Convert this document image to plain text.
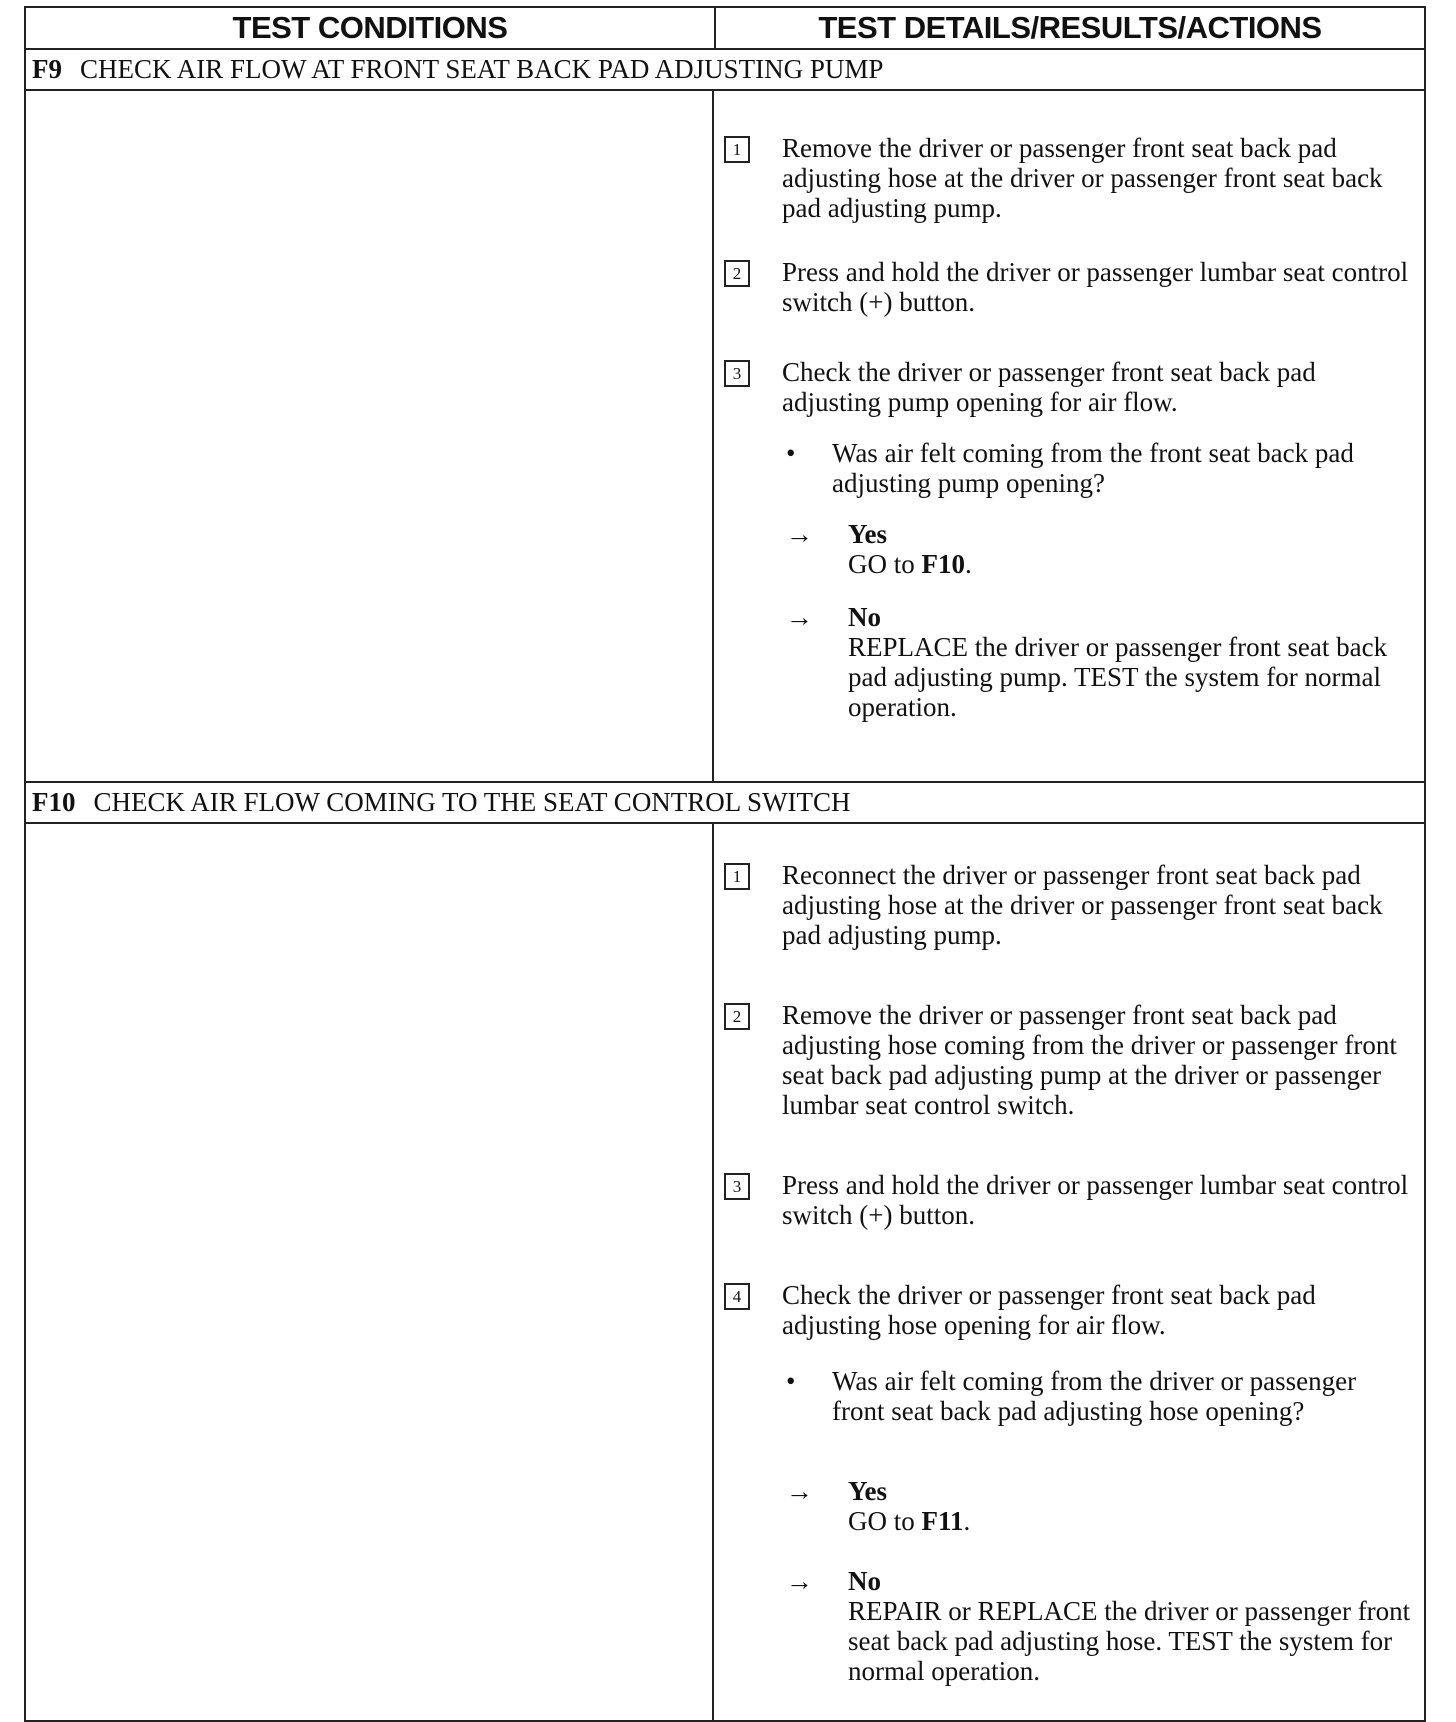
TEST CONDITIONS	TEST DETAILS/RESULTS/ACTIONS
F9 CHECK AIR FLOW AT FRONT SEAT BACK PAD ADJUSTING PUMP
1	Remove the driver or passenger front seat back pad adjusting hose at the driver or passenger front seat back pad adjusting pump.
2	Press and hold the driver or passenger lumbar seat control switch (+) button.
3	Check the driver or passenger front seat back pad adjusting pump opening for air flow.
•	Was air felt coming from the front seat back pad adjusting pump opening?
→	Yes
GO to F10.
→	No
REPLACE the driver or passenger front seat back pad adjusting pump. TEST the system for normal operation.
F10 CHECK AIR FLOW COMING TO THE SEAT CONTROL SWITCH
1	Reconnect the driver or passenger front seat back pad adjusting hose at the driver or passenger front seat back pad adjusting pump.
2	Remove the driver or passenger front seat back pad adjusting hose coming from the driver or passenger front seat back pad adjusting pump at the driver or passenger lumbar seat control switch.
3	Press and hold the driver or passenger lumbar seat control switch (+) button.
4	Check the driver or passenger front seat back pad adjusting hose opening for air flow.
•	Was air felt coming from the driver or passenger front seat back pad adjusting hose opening?
→	Yes
GO to F11.
→	No
REPAIR or REPLACE the driver or passenger front seat back pad adjusting hose. TEST the system for normal operation.
